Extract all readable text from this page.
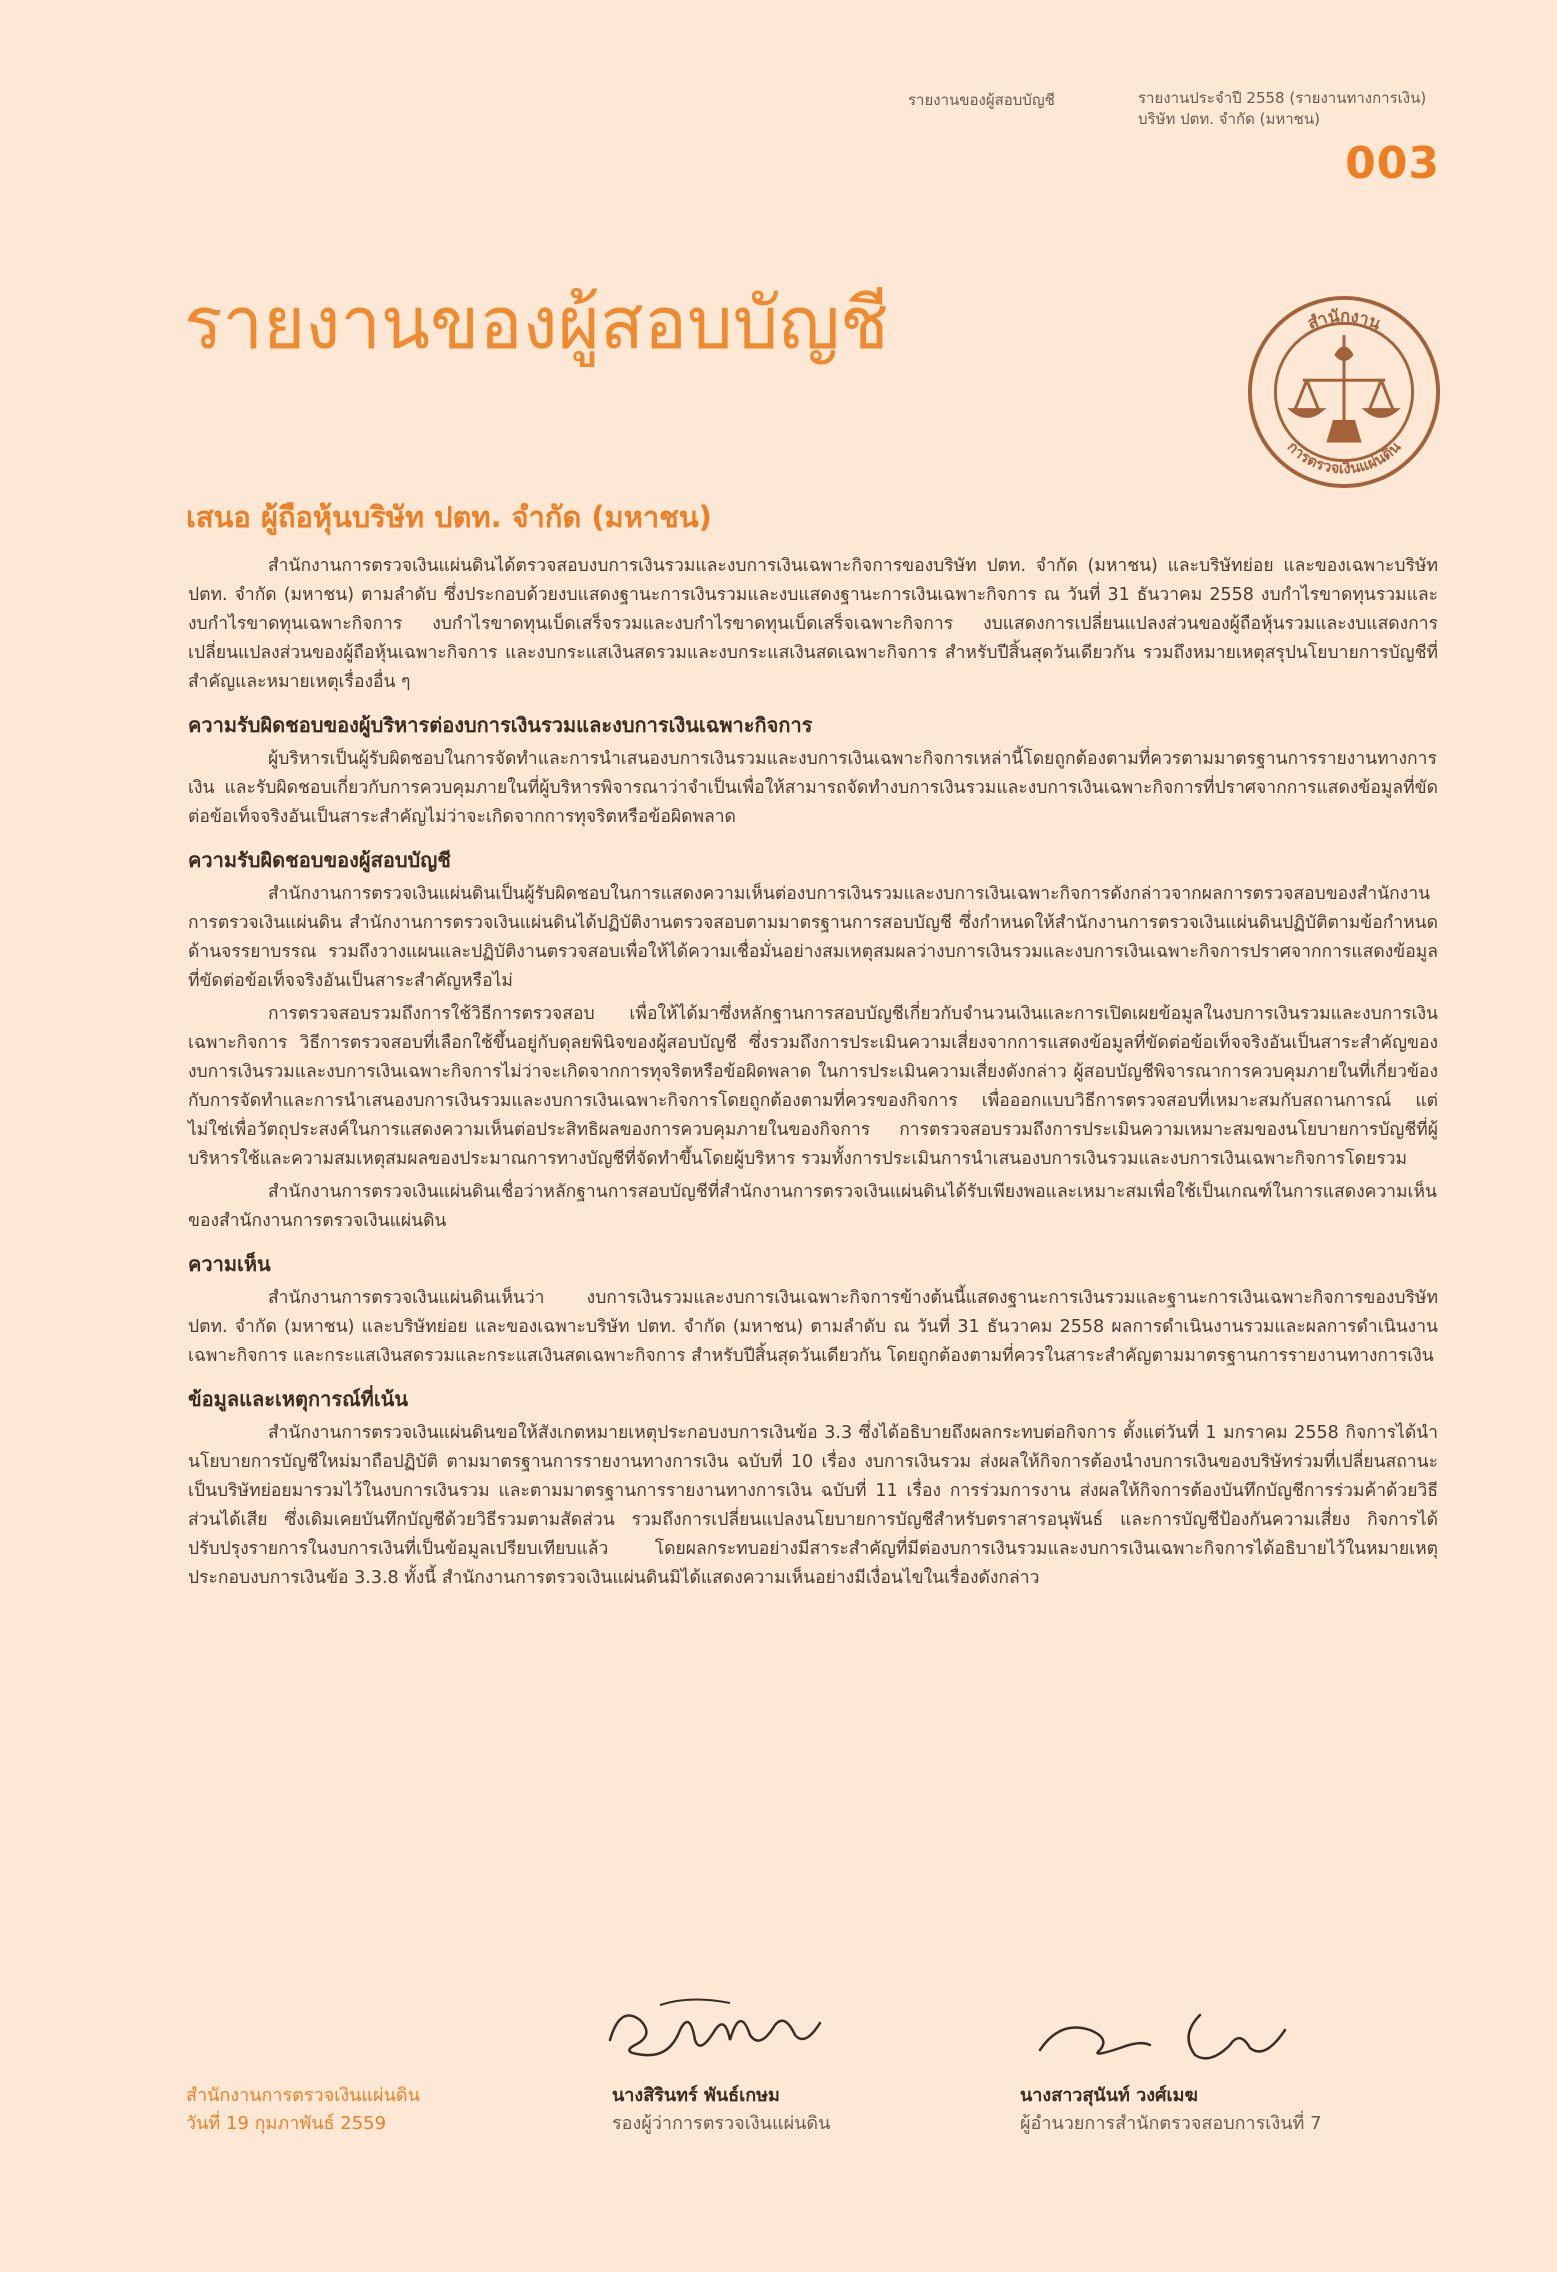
รายงานของผู้สอบบัญชี	รายงานประจำปี 2558 (รายงานทางการเงิน)
บริษัท ปตท. จำกัด (มหาชน)
003
รายงานของผู้สอบบัญชี	สำนักงาน
การตรวจเงินแผ่นดิน
เสนอ ผู้ถือหุ้นบริษัท ปตท. จำกัด (มหาชน)

สำนักงานการตรวจเงินแผ่นดินได้ตรวจสอบงบการเงินรวมและงบการเงินเฉพาะกิจการของบริษัท ปตท. จำกัด (มหาชน) และบริษัทย่อย และของเฉพาะบริษัท ปตท. จำกัด (มหาชน) ตามลำดับ ซึ่งประกอบด้วยงบแสดงฐานะการเงินรวมและงบแสดงฐานะการเงินเฉพาะกิจการ ณ วันที่ 31 ธันวาคม 2558 งบกำไรขาดทุนรวมและงบกำไรขาดทุนเฉพาะกิจการ งบกำไรขาดทุนเบ็ดเสร็จรวมและงบกำไรขาดทุนเบ็ดเสร็จเฉพาะกิจการ งบแสดงการเปลี่ยนแปลงส่วนของผู้ถือหุ้นรวมและงบแสดงการเปลี่ยนแปลงส่วนของผู้ถือหุ้นเฉพาะกิจการ และงบกระแสเงินสดรวมและงบกระแสเงินสดเฉพาะกิจการ สำหรับปีสิ้นสุดวันเดียวกัน รวมถึงหมายเหตุสรุปนโยบายการบัญชีที่สำคัญและหมายเหตุเรื่องอื่น ๆ

ความรับผิดชอบของผู้บริหารต่องบการเงินรวมและงบการเงินเฉพาะกิจการ

ผู้บริหารเป็นผู้รับผิดชอบในการจัดทำและการนำเสนองบการเงินรวมและงบการเงินเฉพาะกิจการเหล่านี้โดยถูกต้องตามที่ควรตามมาตรฐานการรายงานทางการเงิน และรับผิดชอบเกี่ยวกับการควบคุมภายในที่ผู้บริหารพิจารณาว่าจำเป็นเพื่อให้สามารถจัดทำงบการเงินรวมและงบการเงินเฉพาะกิจการที่ปราศจากการแสดงข้อมูลที่ขัดต่อข้อเท็จจริงอันเป็นสาระสำคัญไม่ว่าจะเกิดจากการทุจริตหรือข้อผิดพลาด

ความรับผิดชอบของผู้สอบบัญชี

สำนักงานการตรวจเงินแผ่นดินเป็นผู้รับผิดชอบในการแสดงความเห็นต่องบการเงินรวมและงบการเงินเฉพาะกิจการดังกล่าวจากผลการตรวจสอบของสำนักงานการตรวจเงินแผ่นดิน สำนักงานการตรวจเงินแผ่นดินได้ปฏิบัติงานตรวจสอบตามมาตรฐานการสอบบัญชี ซึ่งกำหนดให้สำนักงานการตรวจเงินแผ่นดินปฏิบัติตามข้อกำหนดด้านจรรยาบรรณ รวมถึงวางแผนและปฏิบัติงานตรวจสอบเพื่อให้ได้ความเชื่อมั่นอย่างสมเหตุสมผลว่างบการเงินรวมและงบการเงินเฉพาะกิจการปราศจากการแสดงข้อมูลที่ขัดต่อข้อเท็จจริงอันเป็นสาระสำคัญหรือไม่

การตรวจสอบรวมถึงการใช้วิธีการตรวจสอบ เพื่อให้ได้มาซึ่งหลักฐานการสอบบัญชีเกี่ยวกับจำนวนเงินและการเปิดเผยข้อมูลในงบการเงินรวมและงบการเงินเฉพาะกิจการ วิธีการตรวจสอบที่เลือกใช้ขึ้นอยู่กับดุลยพินิจของผู้สอบบัญชี ซึ่งรวมถึงการประเมินความเสี่ยงจากการแสดงข้อมูลที่ขัดต่อข้อเท็จจริงอันเป็นสาระสำคัญของงบการเงินรวมและงบการเงินเฉพาะกิจการไม่ว่าจะเกิดจากการทุจริตหรือข้อผิดพลาด ในการประเมินความเสี่ยงดังกล่าว ผู้สอบบัญชีพิจารณาการควบคุมภายในที่เกี่ยวข้องกับการจัดทำและการนำเสนองบการเงินรวมและงบการเงินเฉพาะกิจการโดยถูกต้องตามที่ควรของกิจการ เพื่อออกแบบวิธีการตรวจสอบที่เหมาะสมกับสถานการณ์ แต่ไม่ใช่เพื่อวัตถุประสงค์ในการแสดงความเห็นต่อประสิทธิผลของการควบคุมภายในของกิจการ การตรวจสอบรวมถึงการประเมินความเหมาะสมของนโยบายการบัญชีที่ผู้บริหารใช้และความสมเหตุสมผลของประมาณการทางบัญชีที่จัดทำขึ้นโดยผู้บริหาร รวมทั้งการประเมินการนำเสนองบการเงินรวมและงบการเงินเฉพาะกิจการโดยรวม

สำนักงานการตรวจเงินแผ่นดินเชื่อว่าหลักฐานการสอบบัญชีที่สำนักงานการตรวจเงินแผ่นดินได้รับเพียงพอและเหมาะสมเพื่อใช้เป็นเกณฑ์ในการแสดงความเห็นของสำนักงานการตรวจเงินแผ่นดิน

ความเห็น

สำนักงานการตรวจเงินแผ่นดินเห็นว่า งบการเงินรวมและงบการเงินเฉพาะกิจการข้างต้นนี้แสดงฐานะการเงินรวมและฐานะการเงินเฉพาะกิจการของบริษัท ปตท. จำกัด (มหาชน) และบริษัทย่อย และของเฉพาะบริษัท ปตท. จำกัด (มหาชน) ตามลำดับ ณ วันที่ 31 ธันวาคม 2558 ผลการดำเนินงานรวมและผลการดำเนินงานเฉพาะกิจการ และกระแสเงินสดรวมและกระแสเงินสดเฉพาะกิจการ สำหรับปีสิ้นสุดวันเดียวกัน โดยถูกต้องตามที่ควรในสาระสำคัญตามมาตรฐานการรายงานทางการเงิน

ข้อมูลและเหตุการณ์ที่เน้น

สำนักงานการตรวจเงินแผ่นดินขอให้สังเกตหมายเหตุประกอบงบการเงินข้อ 3.3 ซึ่งได้อธิบายถึงผลกระทบต่อกิจการ ตั้งแต่วันที่ 1 มกราคม 2558 กิจการได้นำนโยบายการบัญชีใหม่มาถือปฏิบัติ ตามมาตรฐานการรายงานทางการเงิน ฉบับที่ 10 เรื่อง งบการเงินรวม ส่งผลให้กิจการต้องนำงบการเงินของบริษัทร่วมที่เปลี่ยนสถานะเป็นบริษัทย่อยมารวมไว้ในงบการเงินรวม และตามมาตรฐานการรายงานทางการเงิน ฉบับที่ 11 เรื่อง การร่วมการงาน ส่งผลให้กิจการต้องบันทึกบัญชีการร่วมค้าด้วยวิธีส่วนได้เสีย ซึ่งเดิมเคยบันทึกบัญชีด้วยวิธีรวมตามสัดส่วน รวมถึงการเปลี่ยนแปลงนโยบายการบัญชีสำหรับตราสารอนุพันธ์ และการบัญชีป้องกันความเสี่ยง กิจการได้ปรับปรุงรายการในงบการเงินที่เป็นข้อมูลเปรียบเทียบแล้ว โดยผลกระทบอย่างมีสาระสำคัญที่มีต่องบการเงินรวมและงบการเงินเฉพาะกิจการได้อธิบายไว้ในหมายเหตุประกอบงบการเงินข้อ 3.3.8 ทั้งนี้ สำนักงานการตรวจเงินแผ่นดินมิได้แสดงความเห็นอย่างมีเงื่อนไขในเรื่องดังกล่าว

สำนักงานการตรวจเงินแผ่นดิน
วันที่ 19 กุมภาพันธ์ 2559
นางสิรินทร์ พันธ์เกษม
รองผู้ว่าการตรวจเงินแผ่นดิน
นางสาวสุนันท์ วงศ์เมฆ
ผู้อำนวยการสำนักตรวจสอบการเงินที่ 7
